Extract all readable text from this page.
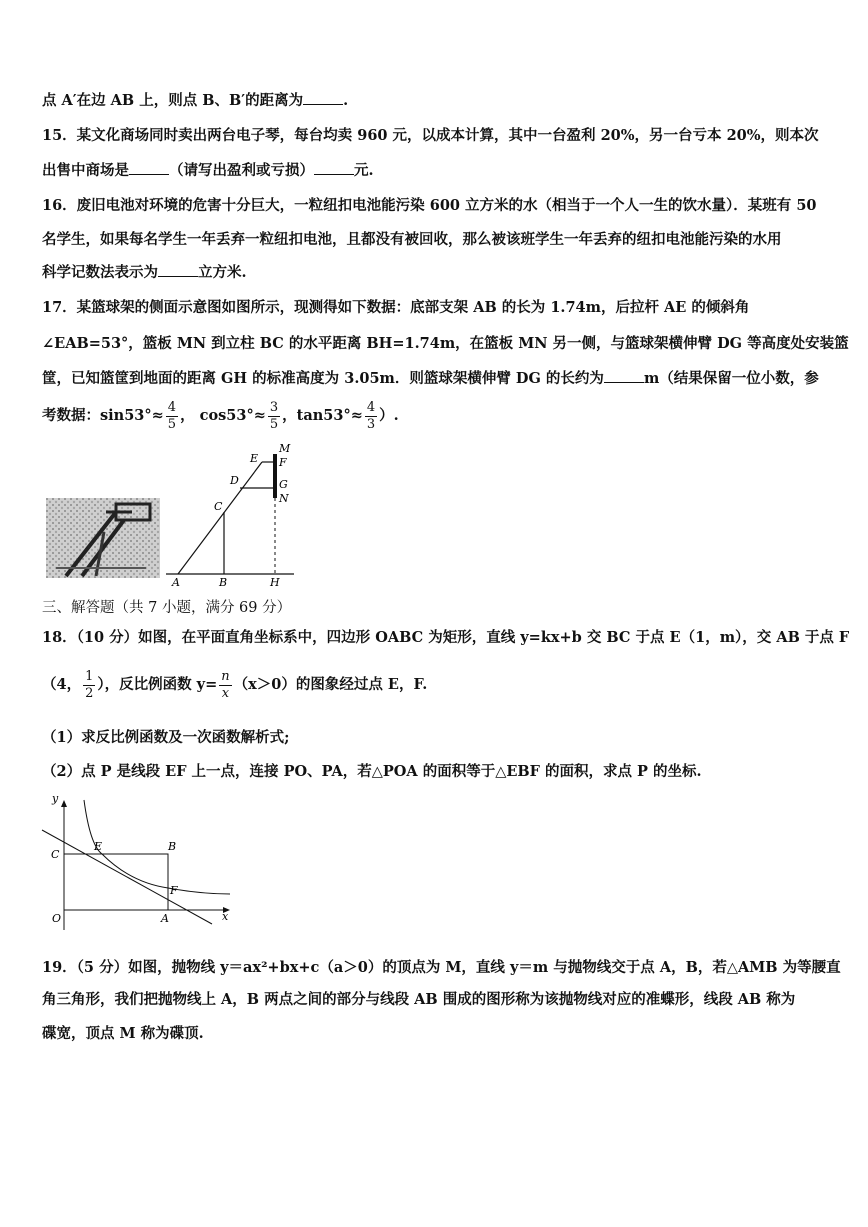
点 A′在边 AB 上，则点 B、B′的距离为	.
15．某文化商场同时卖出两台电子琴，每台均卖 960 元，以成本计算，其中一台盈利 20%，另一台亏本 20%，则本次
出售中商场是	（请写出盈利或亏损）	元.
16．废旧电池对环境的危害十分巨大，一粒纽扣电池能污染 600 立方米的水（相当于一个人一生的饮水量）．某班有 50
名学生，如果每名学生一年丢弃一粒纽扣电池，且都没有被回收，那么被该班学生一年丢弃的纽扣电池能污染的水用
科学记数法表示为	立方米.
17．某篮球架的侧面示意图如图所示，现测得如下数据：底部支架 AB 的长为 1.74m，后拉杆 AE 的倾斜角
∠EAB=53°，篮板 MN 到立柱 BC 的水平距离 BH=1.74m，在篮板 MN 另一侧，与篮球架横伸臂 DG 等高度处安装篮
筐，已知篮筐到地面的距离 GH 的标准高度为 3.05m．则篮球架横伸臂 DG 的长约为	m（结果保留一位小数，参
考数据：$\sin 53^\circ\approx \frac{4}{5}$ ， $\cos 53^\circ\approx \frac{3}{5}$ ，$\tan 53^\circ\approx \frac{4}{3}$ ）.
M
F
E
D	G
N
C
A	B	H
三、解答题（共 7 小题，满分 69 分）
18．（10 分）如图，在平面直角坐标系中，四边形 OABC 为矩形，直线 y=kx+b 交 BC 于点 E（1，m），交 AB 于点 F
（4， $\frac{1}{2}$ ），反比例函数 $y= \frac{n}{x} (x>0)$的图象经过点 E，F.
（1）求反比例函数及一次函数解析式;
（2）点 P 是线段 EF 上一点，连接 PO、PA，若△POA 的面积等于△EBF 的面积，求点 P 的坐标.
y
x
O
C
E	B
F
A
19．（5 分）如图，抛物线 y＝ax²+bx+c（a＞0）的顶点为 M，直线 y＝m 与抛物线交于点 A，B，若△AMB 为等腰直
角三角形，我们把抛物线上 A，B 两点之间的部分与线段 AB 围成的图形称为该抛物线对应的准蝶形，线段 AB 称为
碟宽，顶点 M 称为碟顶.
